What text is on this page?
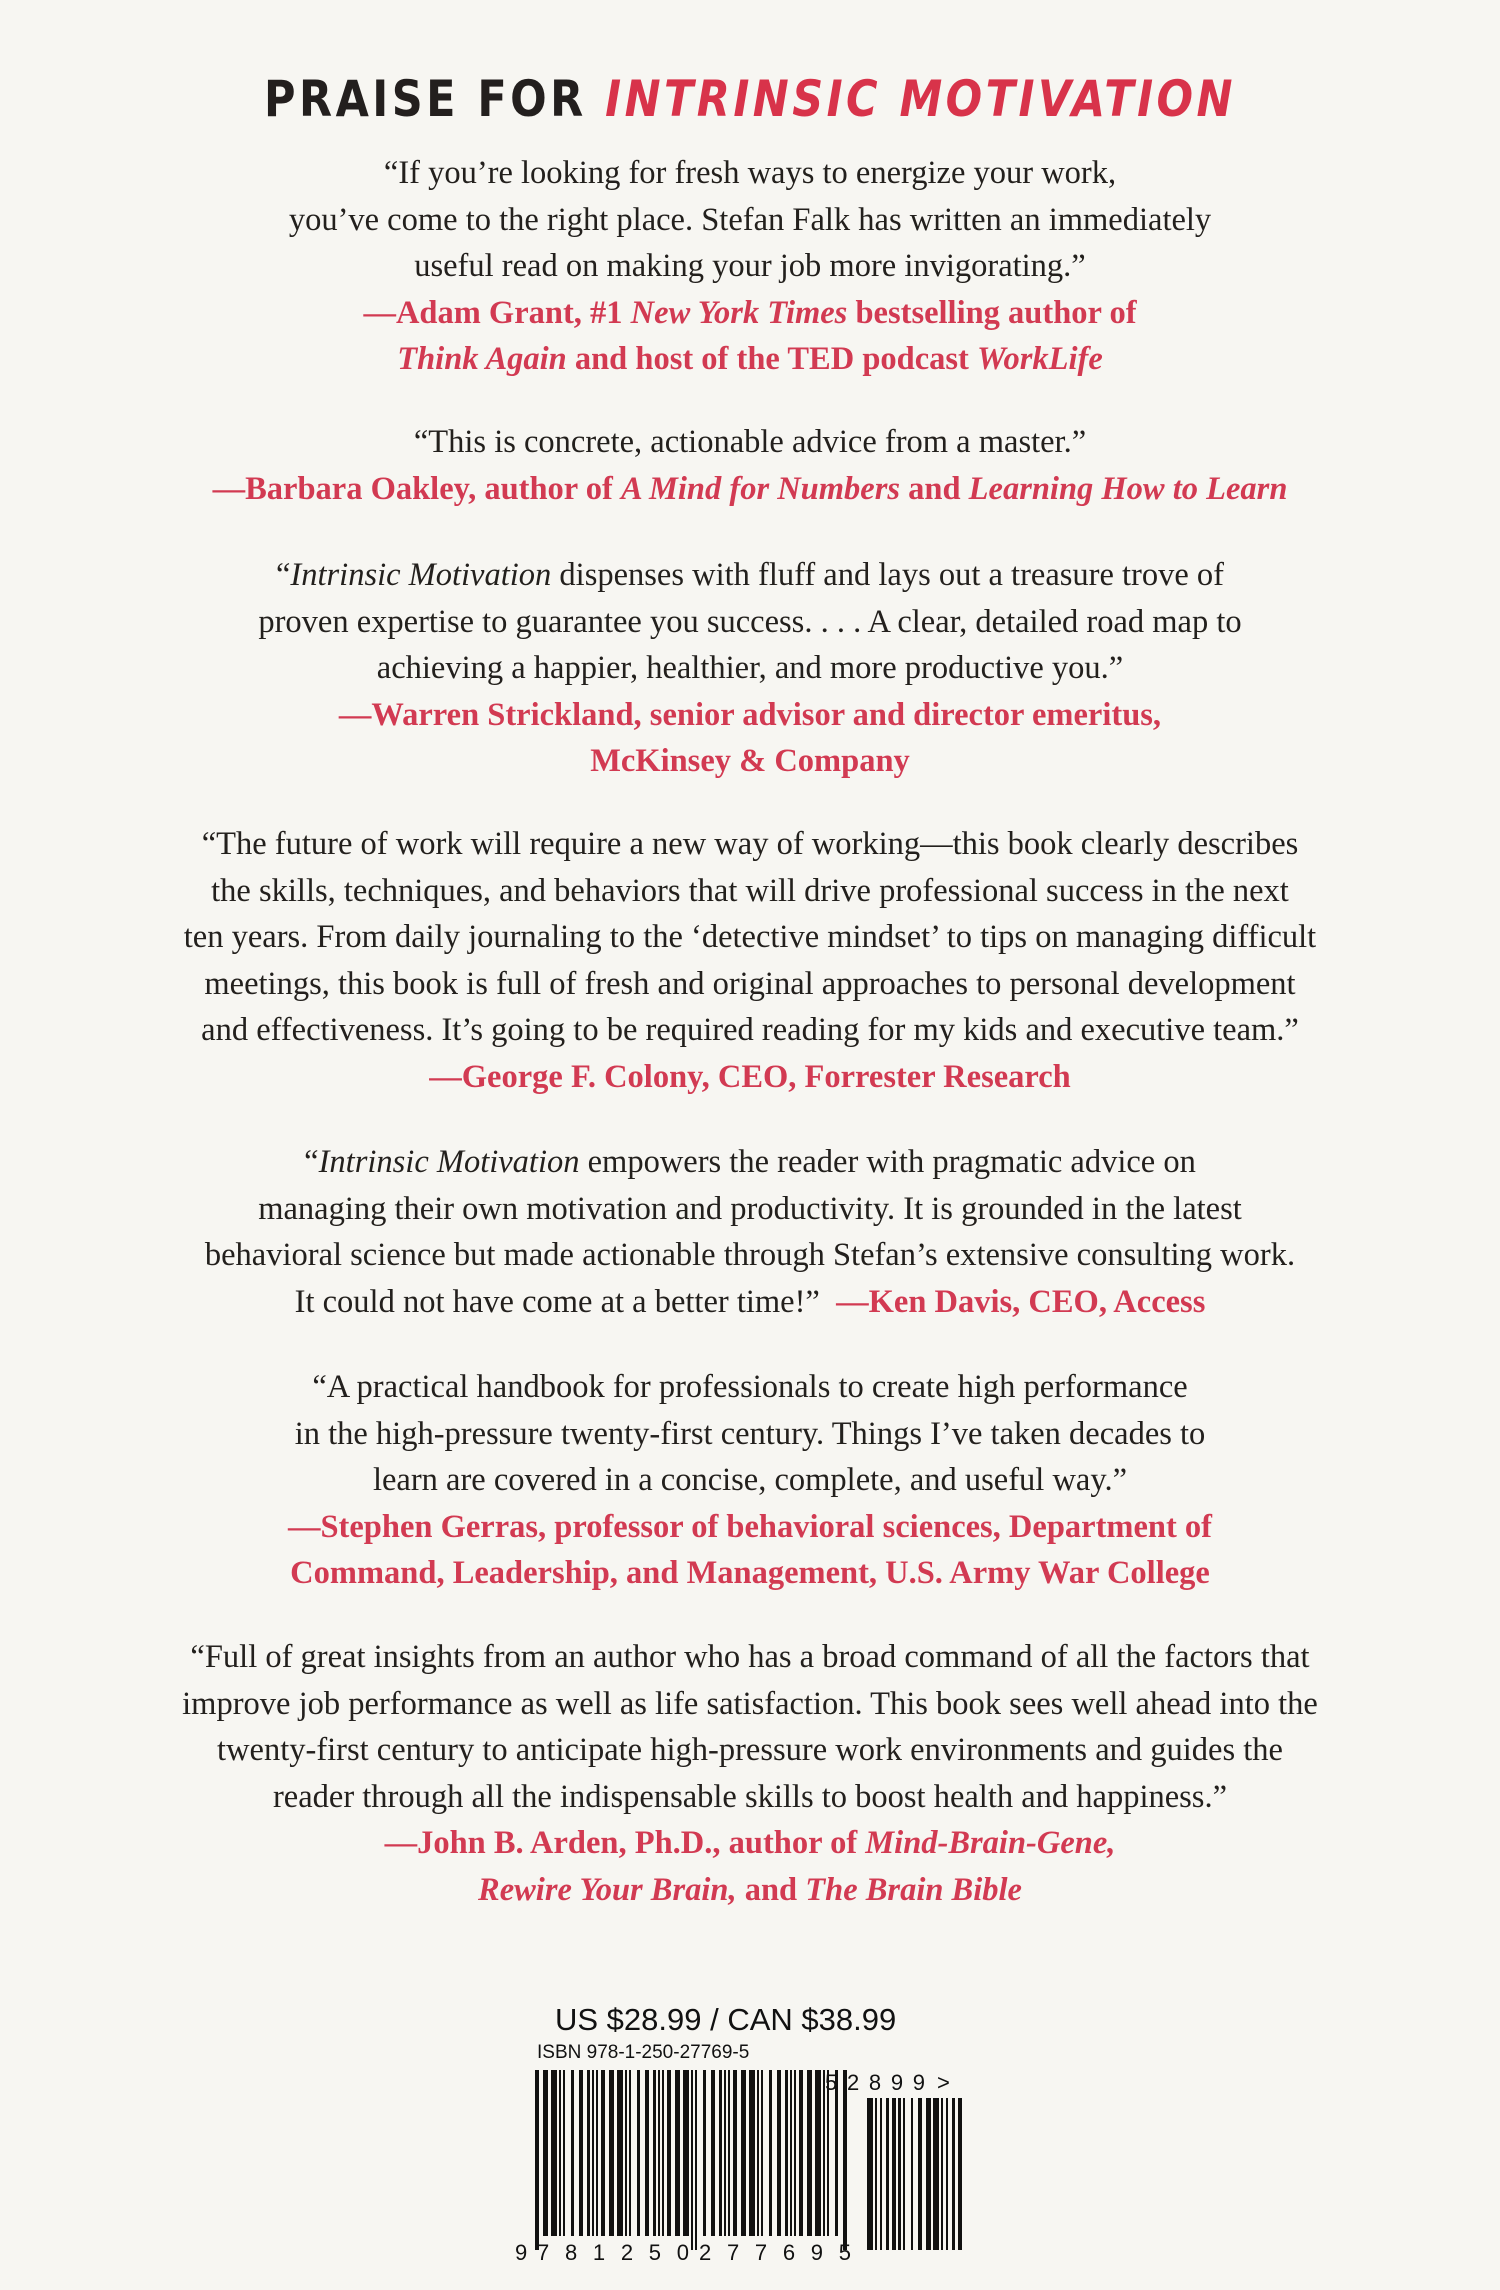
PRAISE FOR INTRINSIC MOTIVATION
“If you’re looking for fresh ways to energize your work,
you’ve come to the right place. Stefan Falk has written an immediately
useful read on making your job more invigorating.”
—Adam Grant, #1 New York Times bestselling author of
Think Again and host of the TED podcast WorkLife
“This is concrete, actionable advice from a master.”
—Barbara Oakley, author of A Mind for Numbers and Learning How to Learn
“Intrinsic Motivation dispenses with fluff and lays out a treasure trove of
proven expertise to guarantee you success. . . . A clear, detailed road map to
achieving a happier, healthier, and more productive you.”
—Warren Strickland, senior advisor and director emeritus,
McKinsey & Company
“The future of work will require a new way of working—this book clearly describes
the skills, techniques, and behaviors that will drive professional success in the next
ten years. From daily journaling to the ‘detective mindset’ to tips on managing difficult
meetings, this book is full of fresh and original approaches to personal development
and effectiveness. It’s going to be required reading for my kids and executive team.”
—George F. Colony, CEO, Forrester Research
“Intrinsic Motivation empowers the reader with pragmatic advice on
managing their own motivation and productivity. It is grounded in the latest
behavioral science but made actionable through Stefan’s extensive consulting work.
It could not have come at a better time!” —Ken Davis, CEO, Access
“A practical handbook for professionals to create high performance
in the high-pressure twenty-first century. Things I’ve taken decades to
learn are covered in a concise, complete, and useful way.”
—Stephen Gerras, professor of behavioral sciences, Department of
Command, Leadership, and Management, U.S. Army War College
“Full of great insights from an author who has a broad command of all the factors that
improve job performance as well as life satisfaction. This book sees well ahead into the
twenty-first century to anticipate high-pressure work environments and guides the
reader through all the indispensable skills to boost health and happiness.”
—John B. Arden, Ph.D., author of Mind-Brain-Gene,
Rewire Your Brain, and The Brain Bible
9 781250 277695
52899 >
US $28.99 / CAN $38.99
ISBN 978-1-250-27769-5
